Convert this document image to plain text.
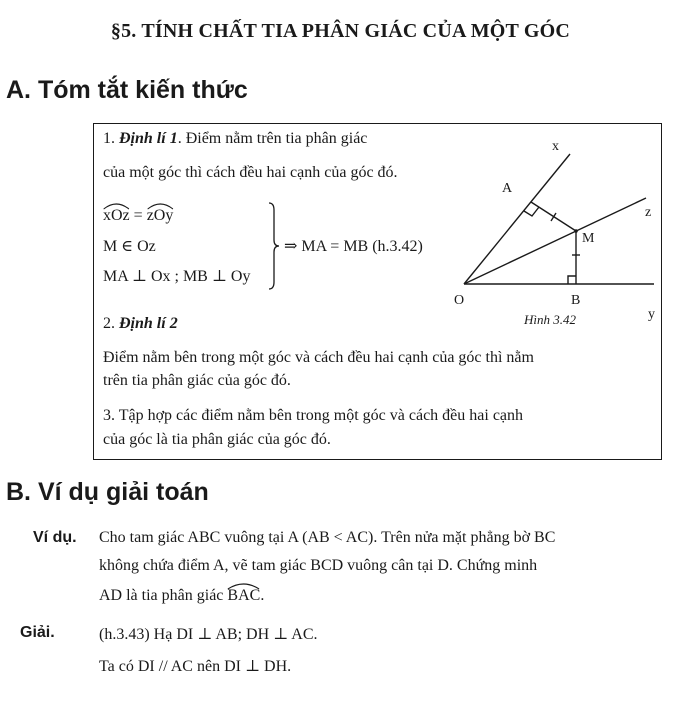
§5. TÍNH CHẤT TIA PHÂN GIÁC CỦA MỘT GÓC
A. Tóm tắt kiến thức
1. Định lí 1. Điểm nằm trên tia phân giác
của một góc thì cách đều hai cạnh của góc đó.
xOz =
zOy
M ∈ Oz
MA ⊥ Ox ; MB ⊥ Oy
⇒ MA = MB (h.3.42)
2. Định lí 2
Điểm nằm bên trong một góc và cách đều hai cạnh của góc thì nằm
trên tia phân giác của góc đó.
3. Tập hợp các điểm nằm bên trong một góc và cách đều hai cạnh
của góc là tia phân giác của góc đó.
x
A
z
M
O	B
y
Hình 3.42
B. Ví dụ giải toán
Ví dụ. Cho tam giác ABC vuông tại A (AB < AC). Trên nửa mặt phẳng bờ BC
không chứa điểm A, vẽ tam giác BCD vuông cân tại D. Chứng minh
AD là tia phân giác
BAC.
Giải.	(h.3.43) Hạ DI ⊥ AB; DH ⊥ AC.
Ta có DI // AC nên DI ⊥ DH.
